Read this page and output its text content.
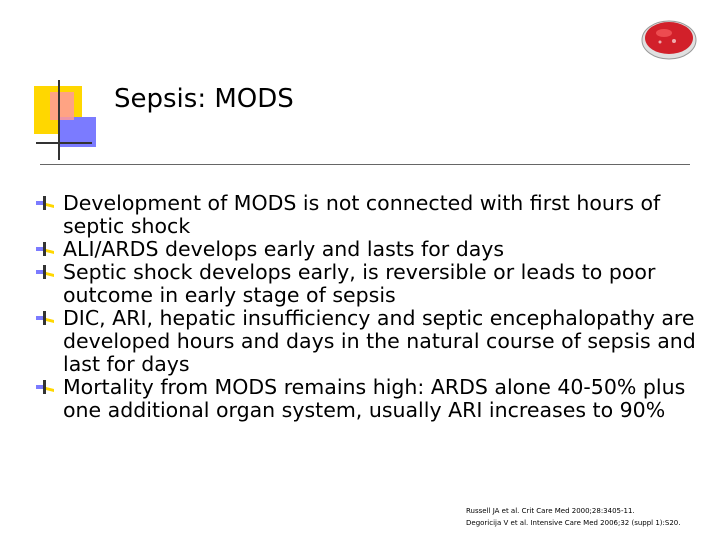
Sepsis: MODS
Development of MODS is not connected with first hours of septic shock
ALI/ARDS develops early and lasts for days
Septic shock develops early, is reversible or leads to poor outcome in early stage of sepsis
DIC, ARI, hepatic insufficiency and septic encephalopathy are developed hours and days in the natural course of sepsis and last for days
Mortality from MODS remains high: ARDS alone 40-50% plus one additional organ system, usually ARI increases to 90%
Russell JA et al. Crit Care Med 2000;28:3405-11.
Degoricija V et al. Intensive Care Med 2006;32 (suppl 1):S20.
